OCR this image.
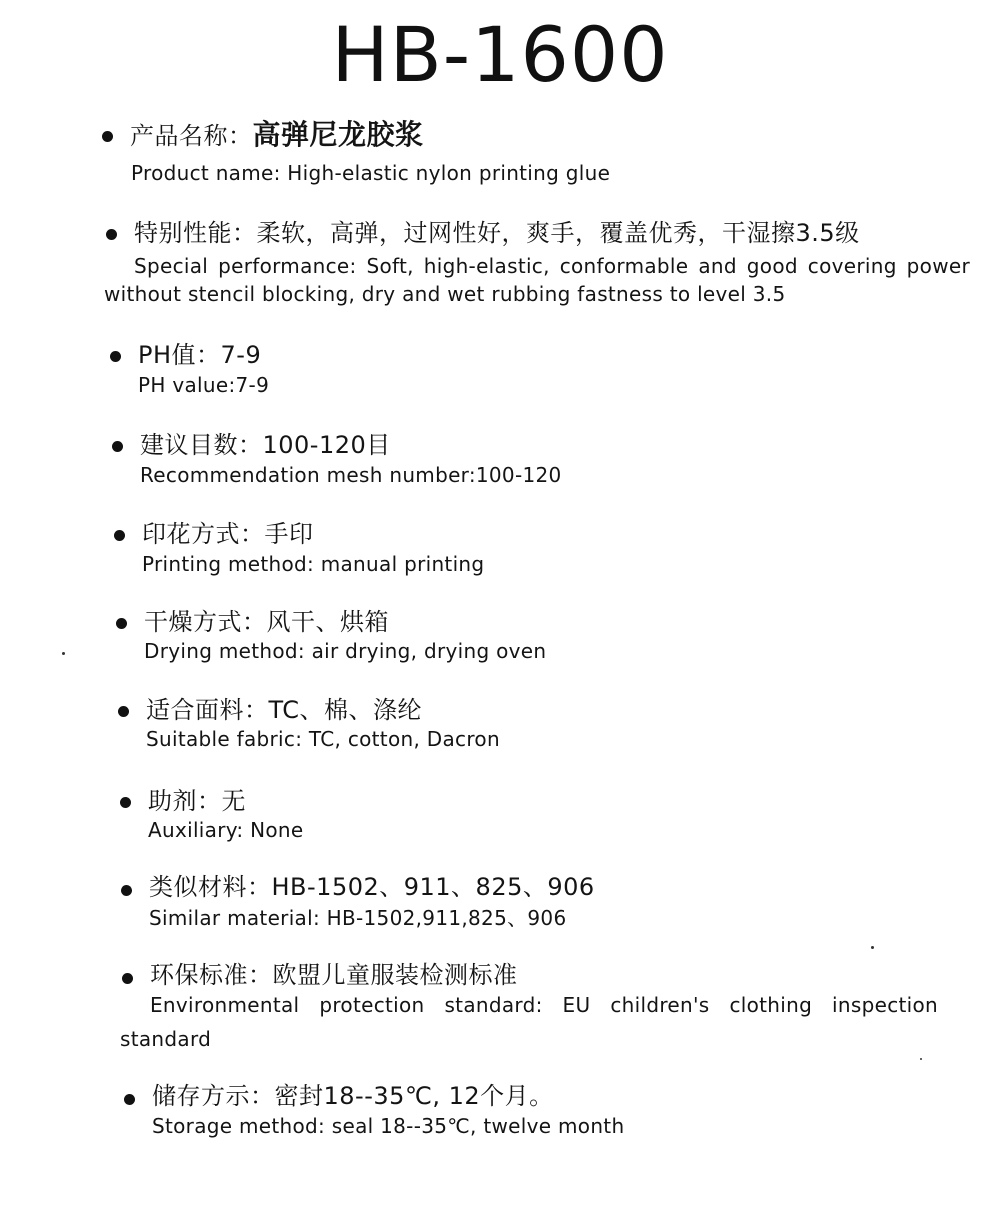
HB-1600
产品名称：高弹尼龙胶浆
Product name: High-elastic nylon printing glue
特别性能：柔软，高弹，过网性好，爽手，覆盖优秀，干湿擦3.5级
Special performance: Soft, high-elastic, conformable and good covering power without stencil blocking, dry and wet rubbing fastness to level 3.5
PH值：7-9
PH value:7-9
建议目数：100-120目
Recommendation mesh number:100-120
印花方式：手印
Printing method: manual printing
干燥方式：风干、烘箱
Drying method: air drying, drying oven
适合面料：TC、棉、涤纶
Suitable fabric: TC, cotton, Dacron
助剂：无
Auxiliary: None
类似材料：HB-1502、911、825、906
Similar material: HB-1502,911,825、906
环保标准：欧盟儿童服装检测标准
Environmental protection standard: EU children's clothing inspection standard
储存方示：密封18--35℃, 12个月。
Storage method: seal 18--35℃, twelve month
